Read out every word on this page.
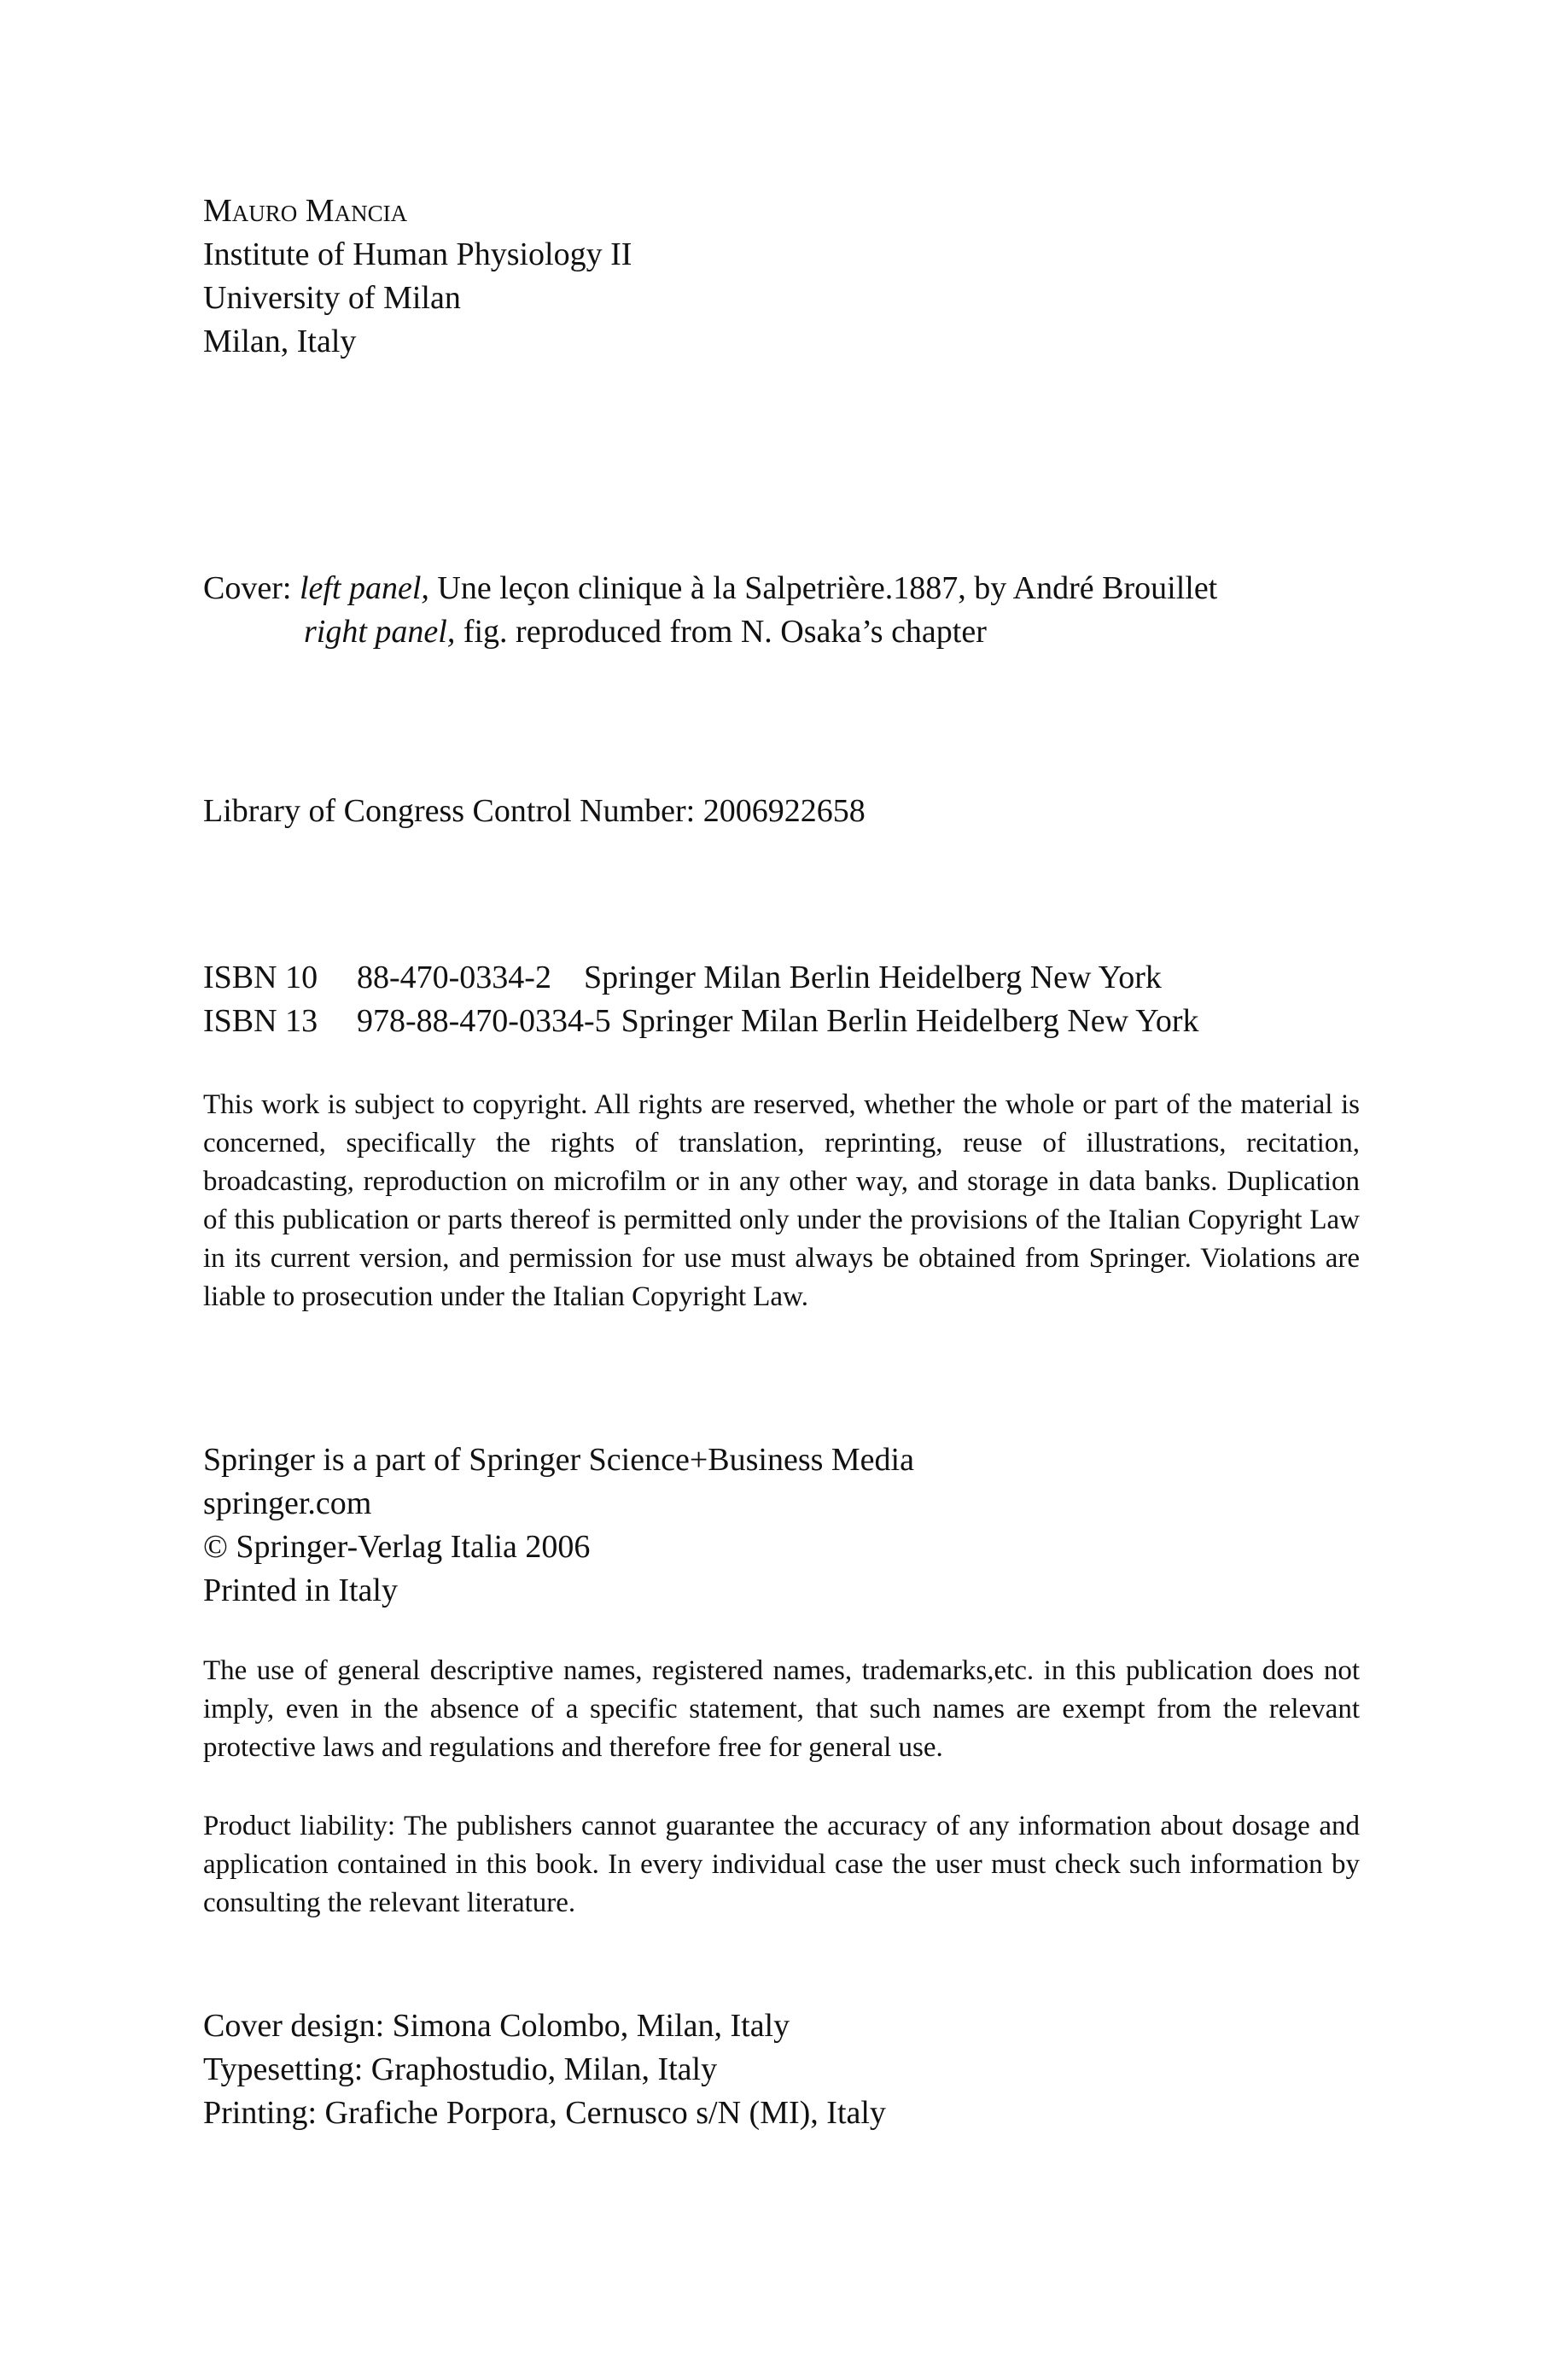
Mauro Mancia
Institute of Human Physiology II
University of Milan
Milan, Italy
Cover: left panel, Une leçon clinique à la Salpetrière.1887, by André Brouillet
right panel, fig. reproduced from N. Osaka’s chapter
Library of Congress Control Number: 2006922658
ISBN 10	88-470-0334-2	Springer Milan Berlin Heidelberg New York
ISBN 13	978-88-470-0334-5 Springer Milan Berlin Heidelberg New York

This work is subject to copyright. All rights are reserved, whether the whole or part of the material is concerned, specifically the rights of translation, reprinting, reuse of illustrations, recitation, broadcasting, reproduction on microfilm or in any other way, and storage in data banks. Duplication of this publication or parts thereof is permitted only under the provisions of the Italian Copyright Law in its current version, and permission for use must always be obtained from Springer. Violations are liable to prosecution under the Italian Copyright Law.

Springer is a part of Springer Science+Business Media
springer.com
© Springer-Verlag Italia 2006
Printed in Italy

The use of general descriptive names, registered names, trademarks,etc. in this publication does not imply, even in the absence of a specific statement, that such names are exempt from the relevant protective laws and regulations and therefore free for general use.

Product liability: The publishers cannot guarantee the accuracy of any information about dosage and application contained in this book. In every individual case the user must check such information by consulting the relevant literature.

Cover design: Simona Colombo, Milan, Italy
Typesetting: Graphostudio, Milan, Italy
Printing: Grafiche Porpora, Cernusco s/N (MI), Italy
